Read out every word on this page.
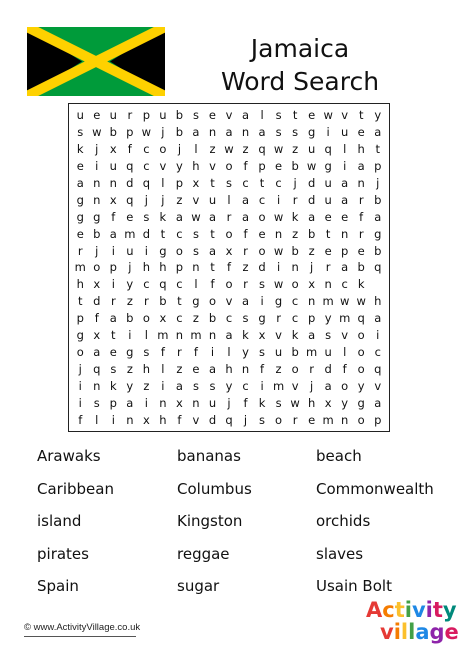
Jamaica
Word Search
u e u r p u b s e v a l	s t e w v t y
s w b p w j b a n a n a s s g i u e a
k	j	x f c o j	l	z w z q w z u q l h t
e i u q c v y h v o f p e b w g i a p
a n n d q l p x t s c t c	j d u a n j
g n x q j	j	z v u l a c	i	r d u a r b
g g f e s k a w a r a o w k a e e f a
e b a m d t c s t o f e n z b t n r g
r	j	i u i g o s a x r o w b z e p e b
m o p j h h p n t	f z d i n j	r a b q
h x	i	y c q c	l	f o r s w o x n c k
t d r z r b t g o v a i g c n m w w h
p f a b o x c z b c s g r c p y m q a
g x t	i	l m n m n a k x v k a s v o i
o a e g s	f	r	f	i	l	y s u b m u l o c
j q s z h l	z e a h n f z o r d f o q
i n k y z	i a s s y c	i m v	j a o y v
i	s p a i n x n u j	f k s w h x y g a
f	l	i n x h f v d q j	s o r e m n o p
Arawaks	bananas	beach
Caribbean	Columbus	Commonwealth
island	Kingston	orchids
pirates	reggae	slaves
Spain	sugar	Usain Bolt
© www.ActivityVillage.co.uk
Activity
village
